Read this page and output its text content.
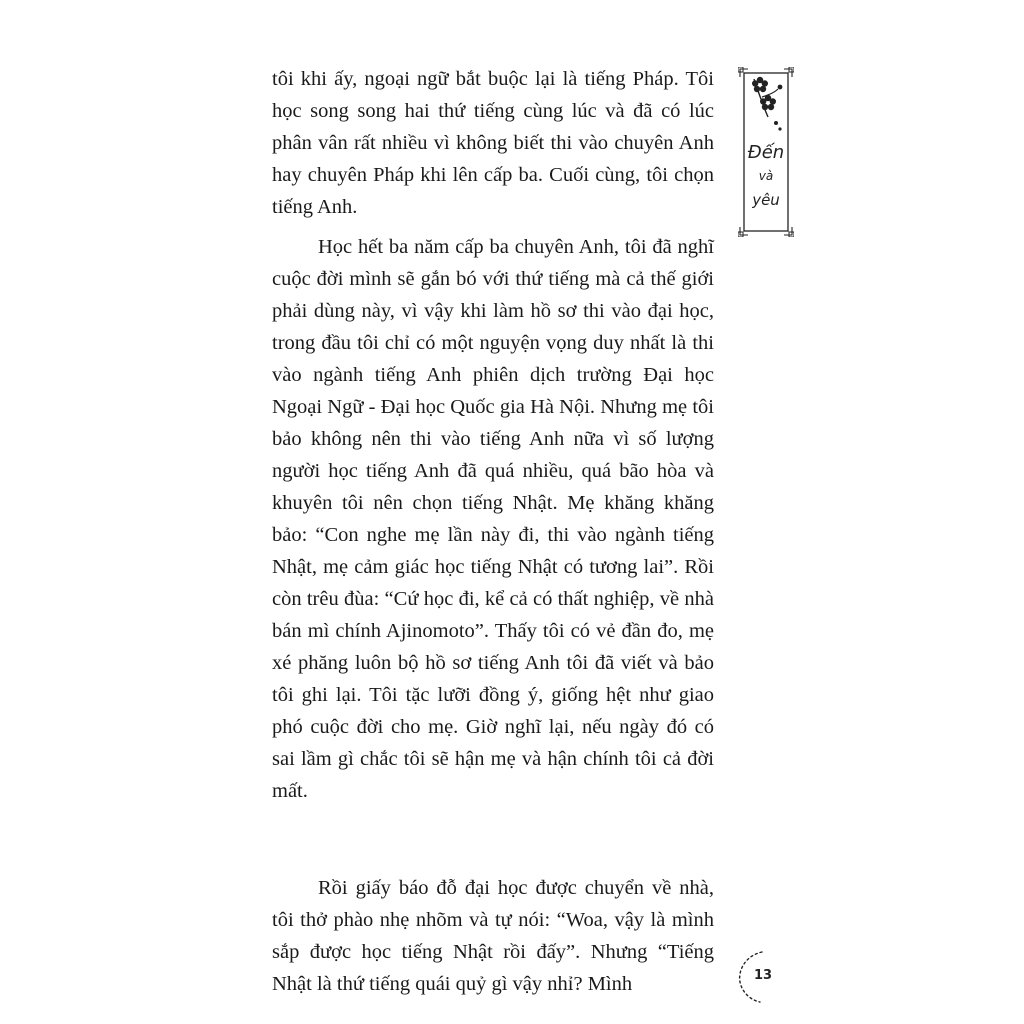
tôi khi ấy, ngoại ngữ bắt buộc lại là tiếng Pháp. Tôi học song song hai thứ tiếng cùng lúc và đã có lúc phân vân rất nhiều vì không biết thi vào chuyên Anh hay chuyên Pháp khi lên cấp ba. Cuối cùng, tôi chọn tiếng Anh.

Học hết ba năm cấp ba chuyên Anh, tôi đã nghĩ cuộc đời mình sẽ gắn bó với thứ tiếng mà cả thế giới phải dùng này, vì vậy khi làm hồ sơ thi vào đại học, trong đầu tôi chỉ có một nguyện vọng duy nhất là thi vào ngành tiếng Anh phiên dịch trường Đại học Ngoại Ngữ - Đại học Quốc gia Hà Nội. Nhưng mẹ tôi bảo không nên thi vào tiếng Anh nữa vì số lượng người học tiếng Anh đã quá nhiều, quá bão hòa và khuyên tôi nên chọn tiếng Nhật. Mẹ khăng khăng bảo: “Con nghe mẹ lần này đi, thi vào ngành tiếng Nhật, mẹ cảm giác học tiếng Nhật có tương lai”. Rồi còn trêu đùa: “Cứ học đi, kể cả có thất nghiệp, về nhà bán mì chính Ajinomoto”. Thấy tôi có vẻ đần đo, mẹ xé phăng luôn bộ hồ sơ tiếng Anh tôi đã viết và bảo tôi ghi lại. Tôi tặc lưỡi đồng ý, giống hệt như giao phó cuộc đời cho mẹ. Giờ nghĩ lại, nếu ngày đó có sai lầm gì chắc tôi sẽ hận mẹ và hận chính tôi cả đời mất.

Rồi giấy báo đỗ đại học được chuyển về nhà, tôi thở phào nhẹ nhõm và tự nói: “Woa, vậy là mình sắp được học tiếng Nhật rồi đấy”. Nhưng “Tiếng Nhật là thứ tiếng quái quỷ gì vậy nhỉ? Mình

Đến
và
yêu
13
